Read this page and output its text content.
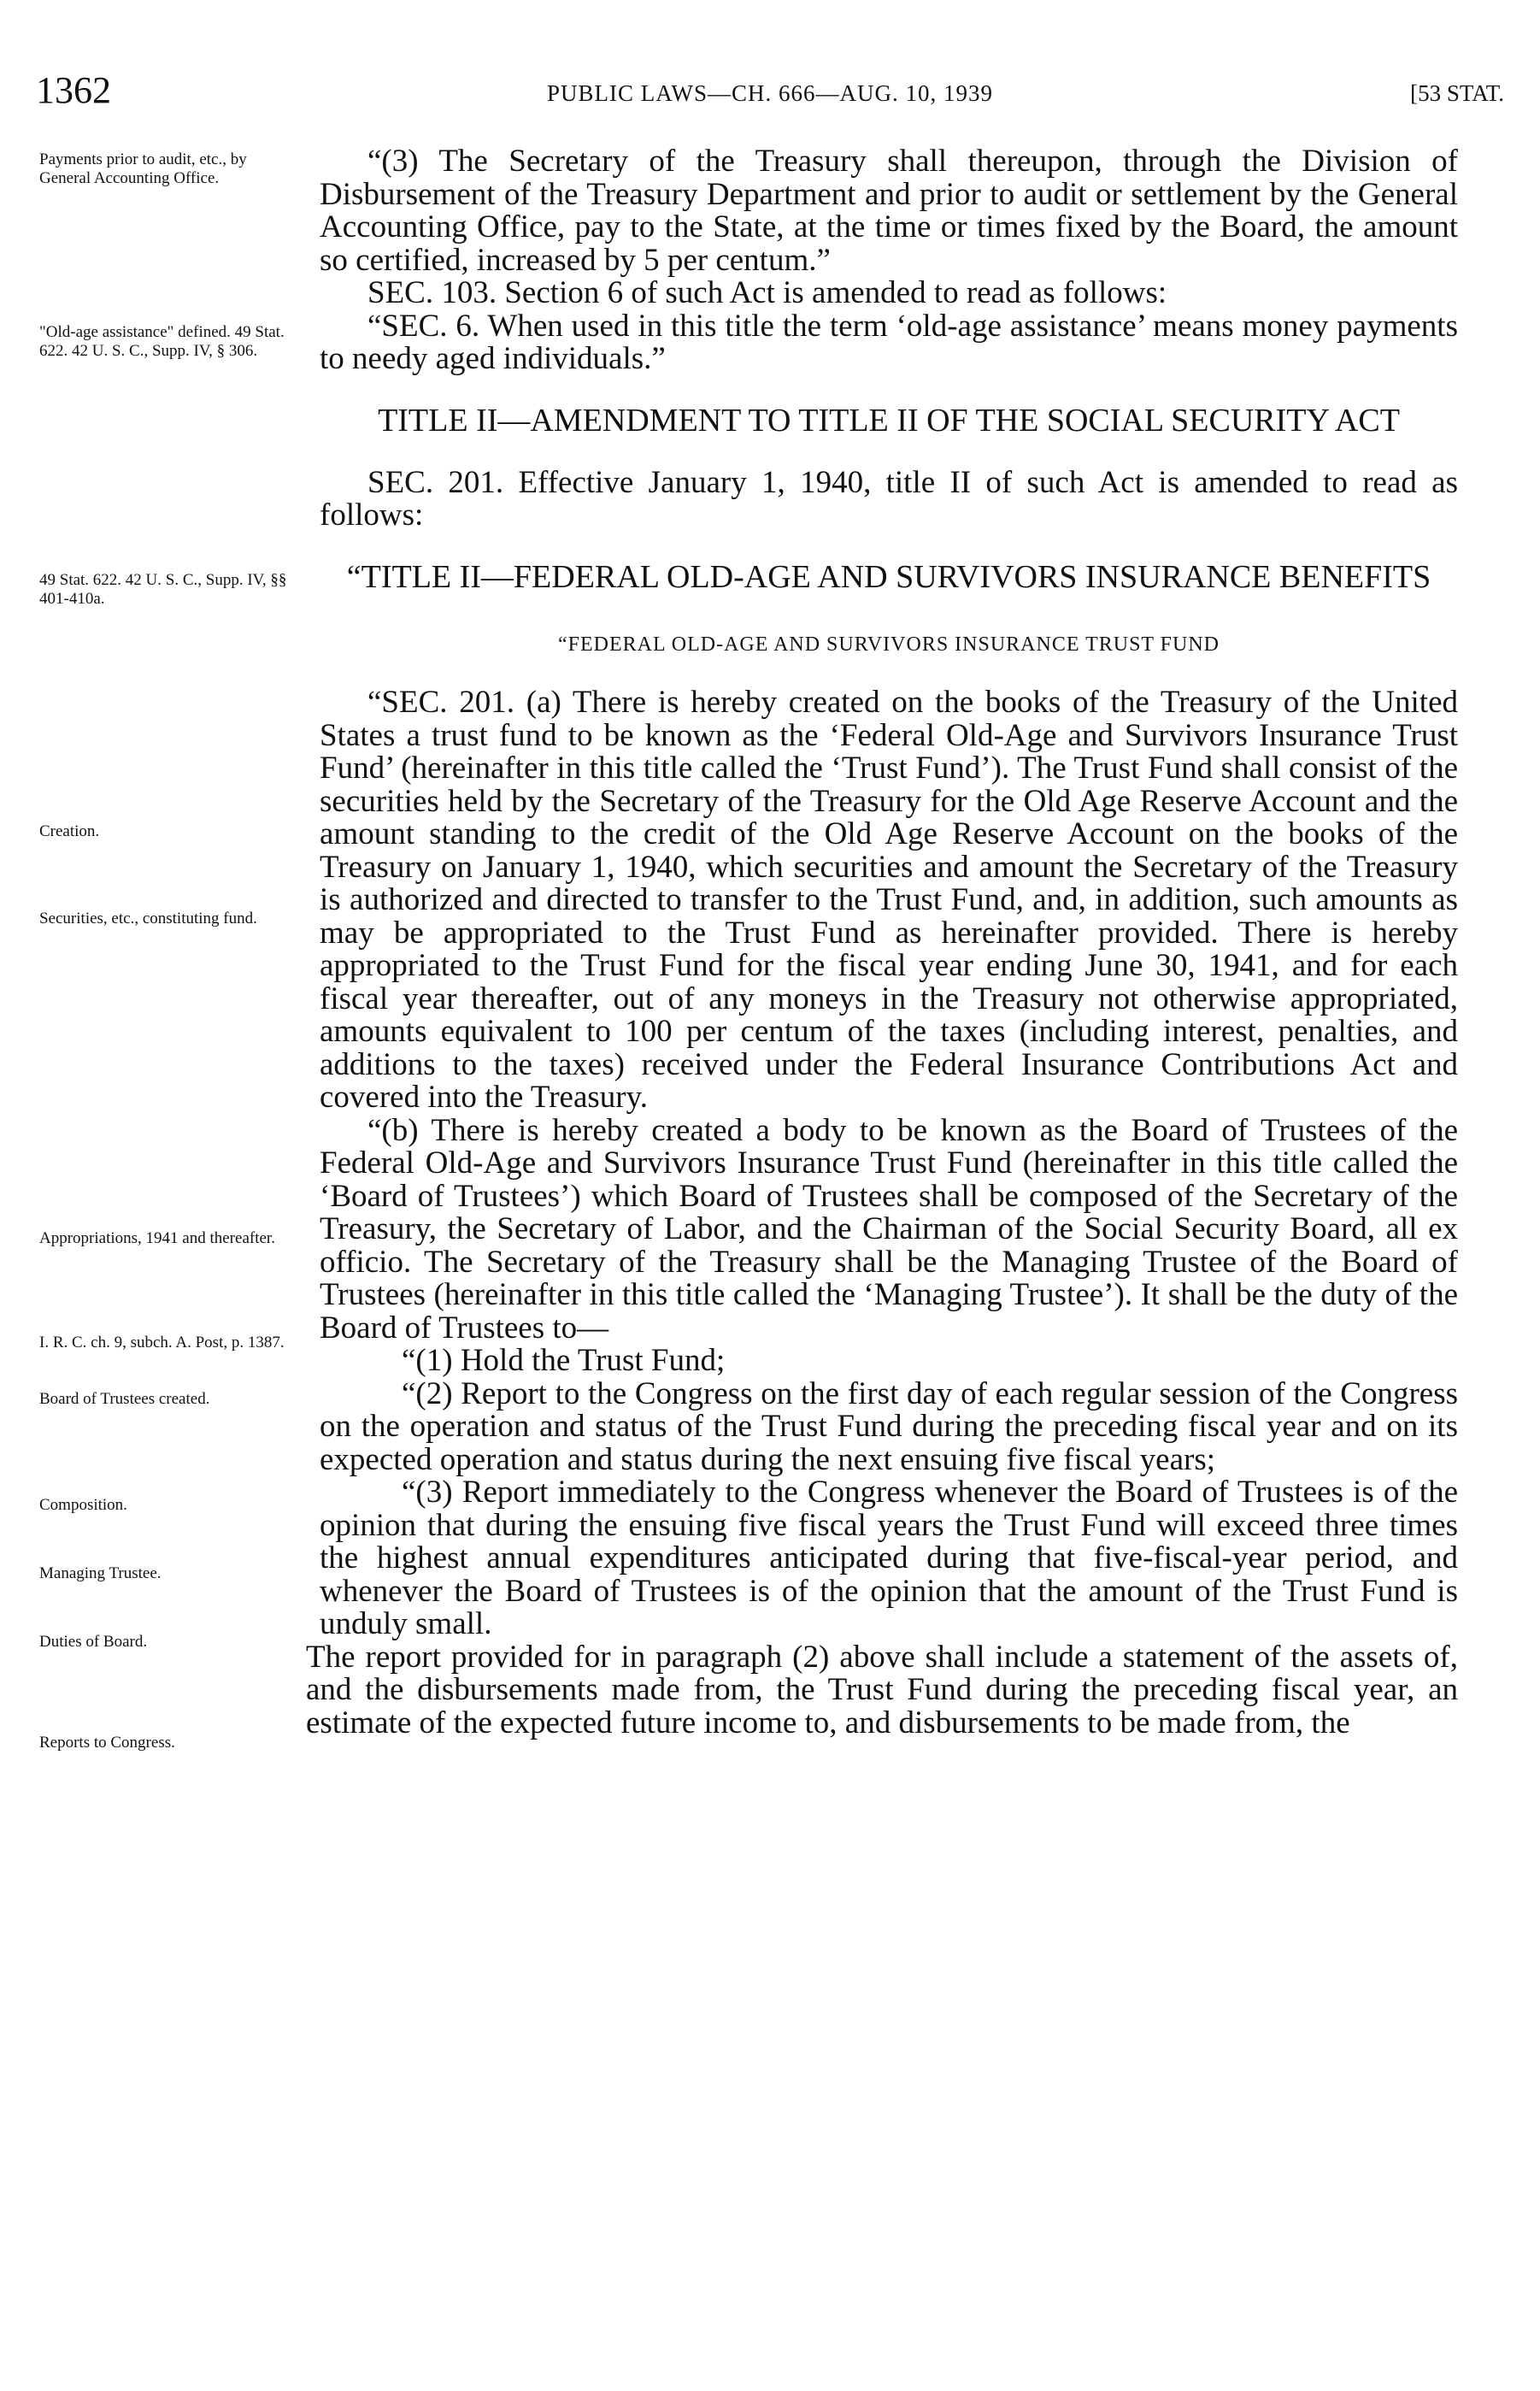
1362	PUBLIC LAWS—CH. 666—AUG. 10, 1939	[53 STAT.
Payments prior to audit, etc., by General Accounting Office.
"Old-age assistance" defined. 49 Stat. 622. 42 U. S. C., Supp. IV, § 306.
49 Stat. 622. 42 U. S. C., Supp. IV, §§ 401-410a.
Creation.
Securities, etc., constituting fund.
Appropriations, 1941 and thereafter.
I. R. C. ch. 9, subch. A. Post, p. 1387.
Board of Trustees created.
Composition.
Managing Trustee.
Duties of Board.
Reports to Congress.

“(3) The Secretary of the Treasury shall thereupon, through the Division of Disbursement of the Treasury Department and prior to audit or settlement by the General Accounting Office, pay to the State, at the time or times fixed by the Board, the amount so certified, increased by 5 per centum.”

SEC. 103. Section 6 of such Act is amended to read as follows:

“SEC. 6. When used in this title the term ‘old-age assistance’ means money payments to needy aged individuals.”

TITLE II—AMENDMENT TO TITLE II OF THE SOCIAL SECURITY ACT

SEC. 201. Effective January 1, 1940, title II of such Act is amended to read as follows:

“TITLE II—FEDERAL OLD-AGE AND SURVIVORS INSURANCE BENEFITS
“FEDERAL OLD-AGE AND SURVIVORS INSURANCE TRUST FUND

“SEC. 201. (a) There is hereby created on the books of the Treasury of the United States a trust fund to be known as the ‘Federal Old-Age and Survivors Insurance Trust Fund’ (hereinafter in this title called the ‘Trust Fund’). The Trust Fund shall consist of the securities held by the Secretary of the Treasury for the Old Age Reserve Account and the amount standing to the credit of the Old Age Reserve Account on the books of the Treasury on January 1, 1940, which securities and amount the Secretary of the Treasury is authorized and directed to transfer to the Trust Fund, and, in addition, such amounts as may be appropriated to the Trust Fund as hereinafter provided. There is hereby appropriated to the Trust Fund for the fiscal year ending June 30, 1941, and for each fiscal year thereafter, out of any moneys in the Treasury not otherwise appropriated, amounts equivalent to 100 per centum of the taxes (including interest, penalties, and additions to the taxes) received under the Federal Insurance Contributions Act and covered into the Treasury.

“(b) There is hereby created a body to be known as the Board of Trustees of the Federal Old-Age and Survivors Insurance Trust Fund (hereinafter in this title called the ‘Board of Trustees’) which Board of Trustees shall be composed of the Secretary of the Treasury, the Secretary of Labor, and the Chairman of the Social Security Board, all ex officio. The Secretary of the Treasury shall be the Managing Trustee of the Board of Trustees (hereinafter in this title called the ‘Managing Trustee’). It shall be the duty of the Board of Trustees to—

“(1) Hold the Trust Fund;

“(2) Report to the Congress on the first day of each regular session of the Congress on the operation and status of the Trust Fund during the preceding fiscal year and on its expected operation and status during the next ensuing five fiscal years;

“(3) Report immediately to the Congress whenever the Board of Trustees is of the opinion that during the ensuing five fiscal years the Trust Fund will exceed three times the highest annual expenditures anticipated during that five-fiscal-year period, and whenever the Board of Trustees is of the opinion that the amount of the Trust Fund is unduly small.

The report provided for in paragraph (2) above shall include a statement of the assets of, and the disbursements made from, the Trust Fund during the preceding fiscal year, an estimate of the expected future income to, and disbursements to be made from, the
